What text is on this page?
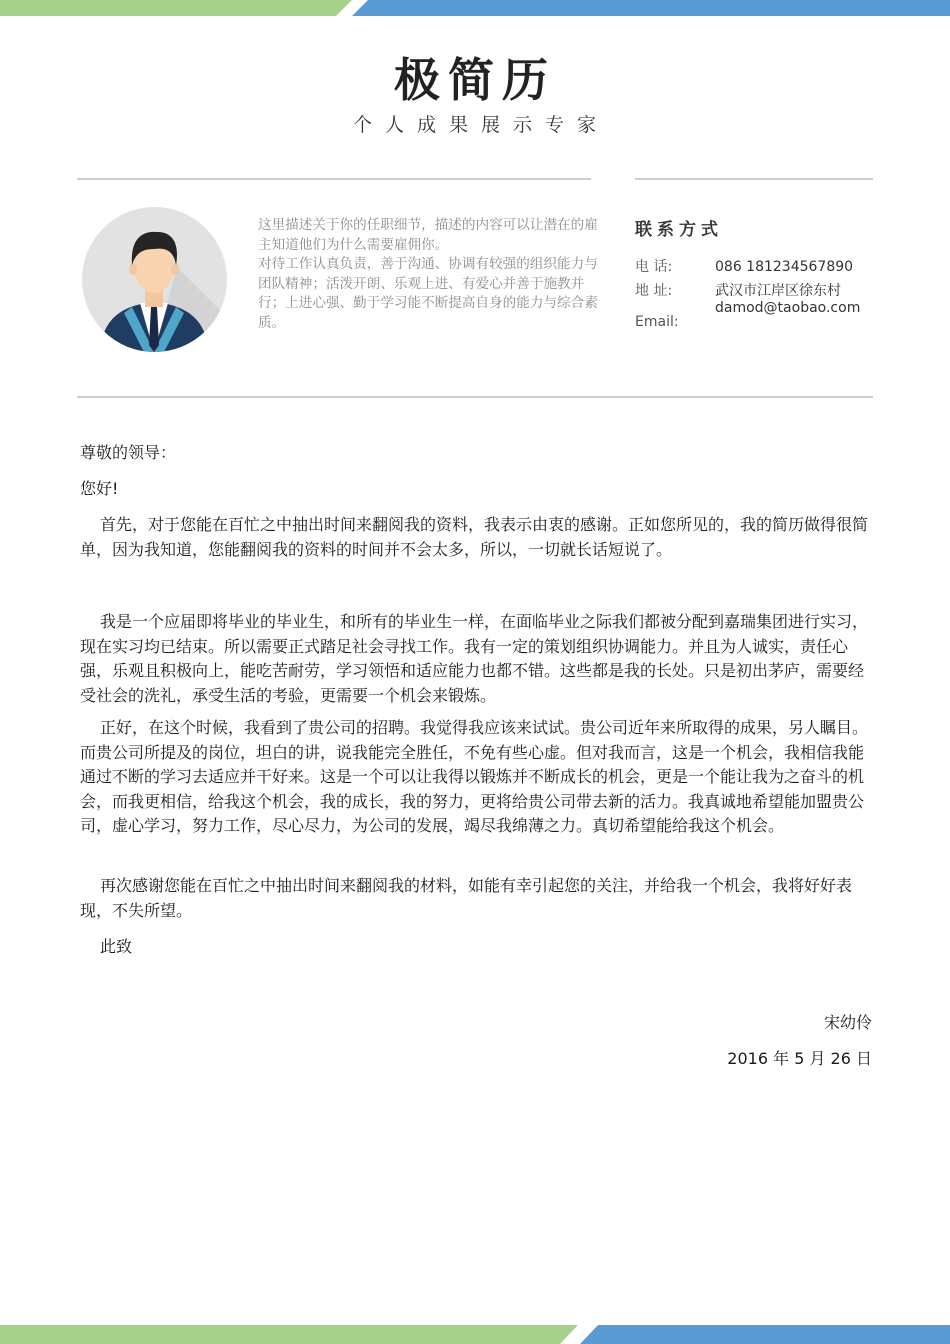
极简历
个人成果展示专家

这里描述关于你的任职细节，描述的内容可以让潜在的雇主知道他们为什么需要雇佣你。

对待工作认真负责，善于沟通、协调有较强的组织能力与团队精神；活泼开朗、乐观上进、有爱心并善于施教并行；上进心强、勤于学习能不断提高自身的能力与综合素质。

联系方式
电 话:	086 181234567890
地 址:	武汉市江岸区徐东村
damod@taobao.com
Email:
尊敬的领导：
您好!
首先，对于您能在百忙之中抽出时间来翻阅我的资料，我表示由衷的感谢。正如您所见的，我的简历做得很简单，因为我知道，您能翻阅我的资料的时间并不会太多，所以，一切就长话短说了。
我是一个应届即将毕业的毕业生，和所有的毕业生一样，在面临毕业之际我们都被分配到嘉瑞集团进行实习，现在实习均已结束。所以需要正式踏足社会寻找工作。我有一定的策划组织协调能力。并且为人诚实，责任心强，乐观且积极向上，能吃苦耐劳，学习领悟和适应能力也都不错。这些都是我的长处。只是初出茅庐，需要经受社会的洗礼，承受生活的考验，更需要一个机会来锻炼。
正好，在这个时候，我看到了贵公司的招聘。我觉得我应该来试试。贵公司近年来所取得的成果，另人瞩目。而贵公司所提及的岗位，坦白的讲，说我能完全胜任，不免有些心虚。但对我而言，这是一个机会，我相信我能通过不断的学习去适应并干好来。这是一个可以让我得以锻炼并不断成长的机会，更是一个能让我为之奋斗的机会，而我更相信，给我这个机会，我的成长，我的努力，更将给贵公司带去新的活力。我真诚地希望能加盟贵公司，虚心学习，努力工作，尽心尽力，为公司的发展，竭尽我绵薄之力。真切希望能给我这个机会。
再次感谢您能在百忙之中抽出时间来翻阅我的材料，如能有幸引起您的关注，并给我一个机会，我将好好表现，不失所望。
此致
宋幼伶
2016 年 5 月 26 日
